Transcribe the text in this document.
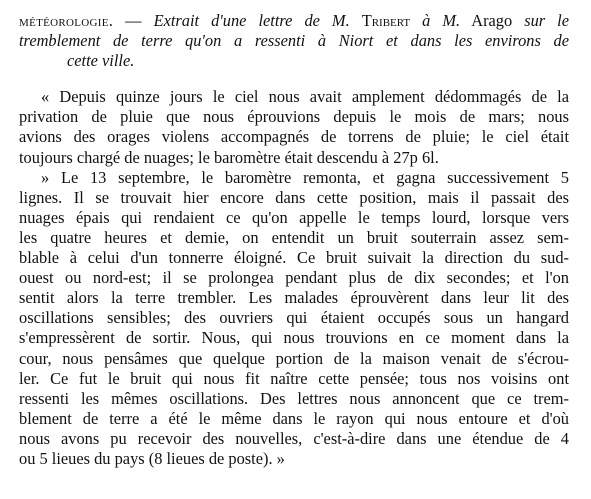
météorologie. — Extrait d'une lettre de M. Tribert à M. Arago sur le
tremblement de terre qu'on a ressenti à Niort et dans les environs de
cette ville.
« Depuis quinze jours le ciel nous avait amplement dédommagés de la
privation de pluie que nous éprouvions depuis le mois de mars; nous
avions des orages violens accompagnés de torrens de pluie; le ciel était
toujours chargé de nuages; le baromètre était descendu à 27p 6l.
» Le 13 septembre, le baromètre remonta, et gagna successivement 5
lignes. Il se trouvait hier encore dans cette position, mais il passait des
nuages épais qui rendaient ce qu'on appelle le temps lourd, lorsque vers
les quatre heures et demie, on entendit un bruit souterrain assez sem-
blable à celui d'un tonnerre éloigné. Ce bruit suivait la direction du sud-
ouest ou nord-est; il se prolongea pendant plus de dix secondes; et l'on
sentit alors la terre trembler. Les malades éprouvèrent dans leur lit des
oscillations sensibles; des ouvriers qui étaient occupés sous un hangard
s'empressèrent de sortir. Nous, qui nous trouvions en ce moment dans la
cour, nous pensâmes que quelque portion de la maison venait de s'écrou-
ler. Ce fut le bruit qui nous fit naître cette pensée; tous nos voisins ont
ressenti les mêmes oscillations. Des lettres nous annoncent que ce trem-
blement de terre a été le même dans le rayon qui nous entoure et d'où
nous avons pu recevoir des nouvelles, c'est-à-dire dans une étendue de 4
ou 5 lieues du pays (8 lieues de poste). »
